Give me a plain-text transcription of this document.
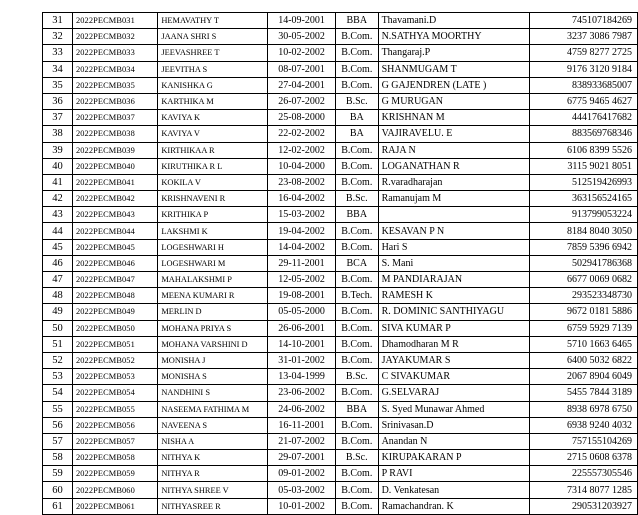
31	2022PECMB031	HEMAVATHY T	14-09-2001	BBA	Thavamani.D	745107184269
32	2022PECMB032	JAANA SHRI S	30-05-2002	B.Com.	N.SATHYA MOORTHY	3237 3086 7987
33	2022PECMB033	JEEVASHREE T	10-02-2002	B.Com.	Thangaraj.P	4759 8277 2725
34	2022PECMB034	JEEVITHA S	08-07-2001	B.Com.	SHANMUGAM T	9176 3120 9184
35	2022PECMB035	KANISHKA G	27-04-2001	B.Com.	G GAJENDREN (LATE )	838933685007
36	2022PECMB036	KARTHIKA M	26-07-2002	B.Sc.	G MURUGAN	6775 9465 4627
37	2022PECMB037	KAVIYA K	25-08-2000	BA	KRISHNAN M	444176417682
38	2022PECMB038	KAVIYA V	22-02-2002	BA	VAJIRAVELU. E	883569768346
39	2022PECMB039	KIRTHIKAA R	12-02-2002	B.Com.	RAJA N	6106 8399 5526
40	2022PECMB040	KIRUTHIKA R L	10-04-2000	B.Com.	LOGANATHAN R	3115 9021 8051
41	2022PECMB041	KOKILA V	23-08-2002	B.Com.	R.varadharajan	512519426993
42	2022PECMB042	KRISHNAVENI R	16-04-2002	B.Sc.	Ramanujam M	363156524165
43	2022PECMB043	KRITHIKA P	15-03-2002	BBA		913799053224
44	2022PECMB044	LAKSHMI K	19-04-2002	B.Com.	KESAVAN P N	8184 8040 3050
45	2022PECMB045	LOGESHWARI H	14-04-2002	B.Com.	Hari S	7859 5396 6942
46	2022PECMB046	LOGESHWARI M	29-11-2001	BCA	S. Mani	502941786368
47	2022PECMB047	MAHALAKSHMI P	12-05-2002	B.Com.	M PANDIARAJAN	6677 0069 0682
48	2022PECMB048	MEENA KUMARI R	19-08-2001	B.Tech.	RAMESH K	293523348730
49	2022PECMB049	MERLIN D	05-05-2000	B.Com.	R. DOMINIC SANTHIYAGU	9672 0181 5886
50	2022PECMB050	MOHANA PRIYA S	26-06-2001	B.Com.	SIVA KUMAR P	6759 5929 7139
51	2022PECMB051	MOHANA VARSHINI D	14-10-2001	B.Com.	Dhamodharan M R	5710 1663 6465
52	2022PECMB052	MONISHA J	31-01-2002	B.Com.	JAYAKUMAR S	6400 5032 6822
53	2022PECMB053	MONISHA S	13-04-1999	B.Sc.	C SIVAKUMAR	2067 8904 6049
54	2022PECMB054	NANDHINI S	23-06-2002	B.Com.	G.SELVARAJ	5455 7844 3189
55	2022PECMB055	NASEEMA FATHIMA M	24-06-2002	BBA	S. Syed Munawar Ahmed	8938 6978 6750
56	2022PECMB056	NAVEENA S	16-11-2001	B.Com.	Srinivasan.D	6938 9240 4032
57	2022PECMB057	NISHA A	21-07-2002	B.Com.	Anandan N	757155104269
58	2022PECMB058	NITHYA K	29-07-2001	B.Sc.	KIRUPAKARAN P	2715 0608 6378
59	2022PECMB059	NITHYA R	09-01-2002	B.Com.	P RAVI	225557305546
60	2022PECMB060	NITHYA SHREE V	05-03-2002	B.Com.	D. Venkatesan	7314 8077 1285
61	2022PECMB061	NITHYASREE R	10-01-2002	B.Com.	Ramachandran. K	290531203927
